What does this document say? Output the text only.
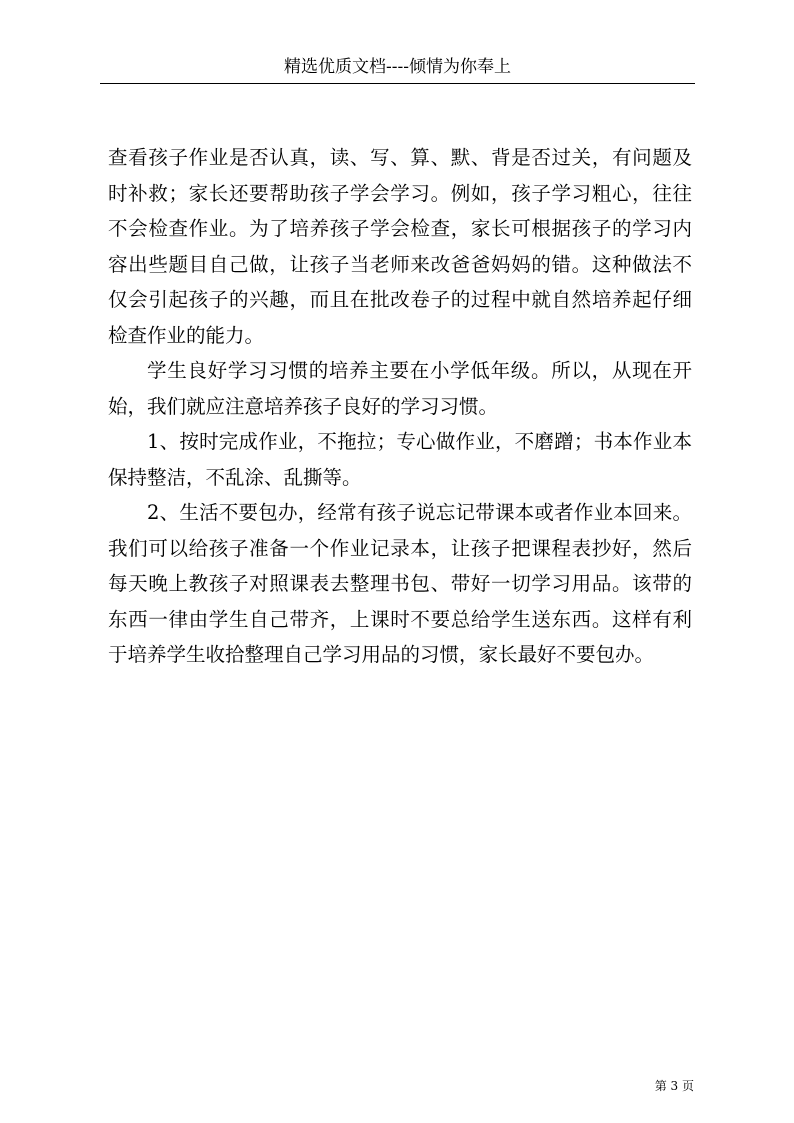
精选优质文档----倾情为你奉上

查看孩子作业是否认真，读、写、算、默、背是否过关，有问题及时补救；家长还要帮助孩子学会学习。例如，孩子学习粗心，往往不会检查作业。为了培养孩子学会检查，家长可根据孩子的学习内容出些题目自己做，让孩子当老师来改爸爸妈妈的错。这种做法不仅会引起孩子的兴趣，而且在批改卷子的过程中就自然培养起仔细检查作业的能力。

学生良好学习习惯的培养主要在小学低年级。所以，从现在开始，我们就应注意培养孩子良好的学习习惯。

1、按时完成作业，不拖拉；专心做作业，不磨蹭；书本作业本保持整洁，不乱涂、乱撕等。

2、生活不要包办，经常有孩子说忘记带课本或者作业本回来。我们可以给孩子准备一个作业记录本，让孩子把课程表抄好，然后每天晚上教孩子对照课表去整理书包、带好一切学习用品。该带的东西一律由学生自己带齐，上课时不要总给学生送东西。这样有利于培养学生收拾整理自己学习用品的习惯，家长最好不要包办。

第 3 页
